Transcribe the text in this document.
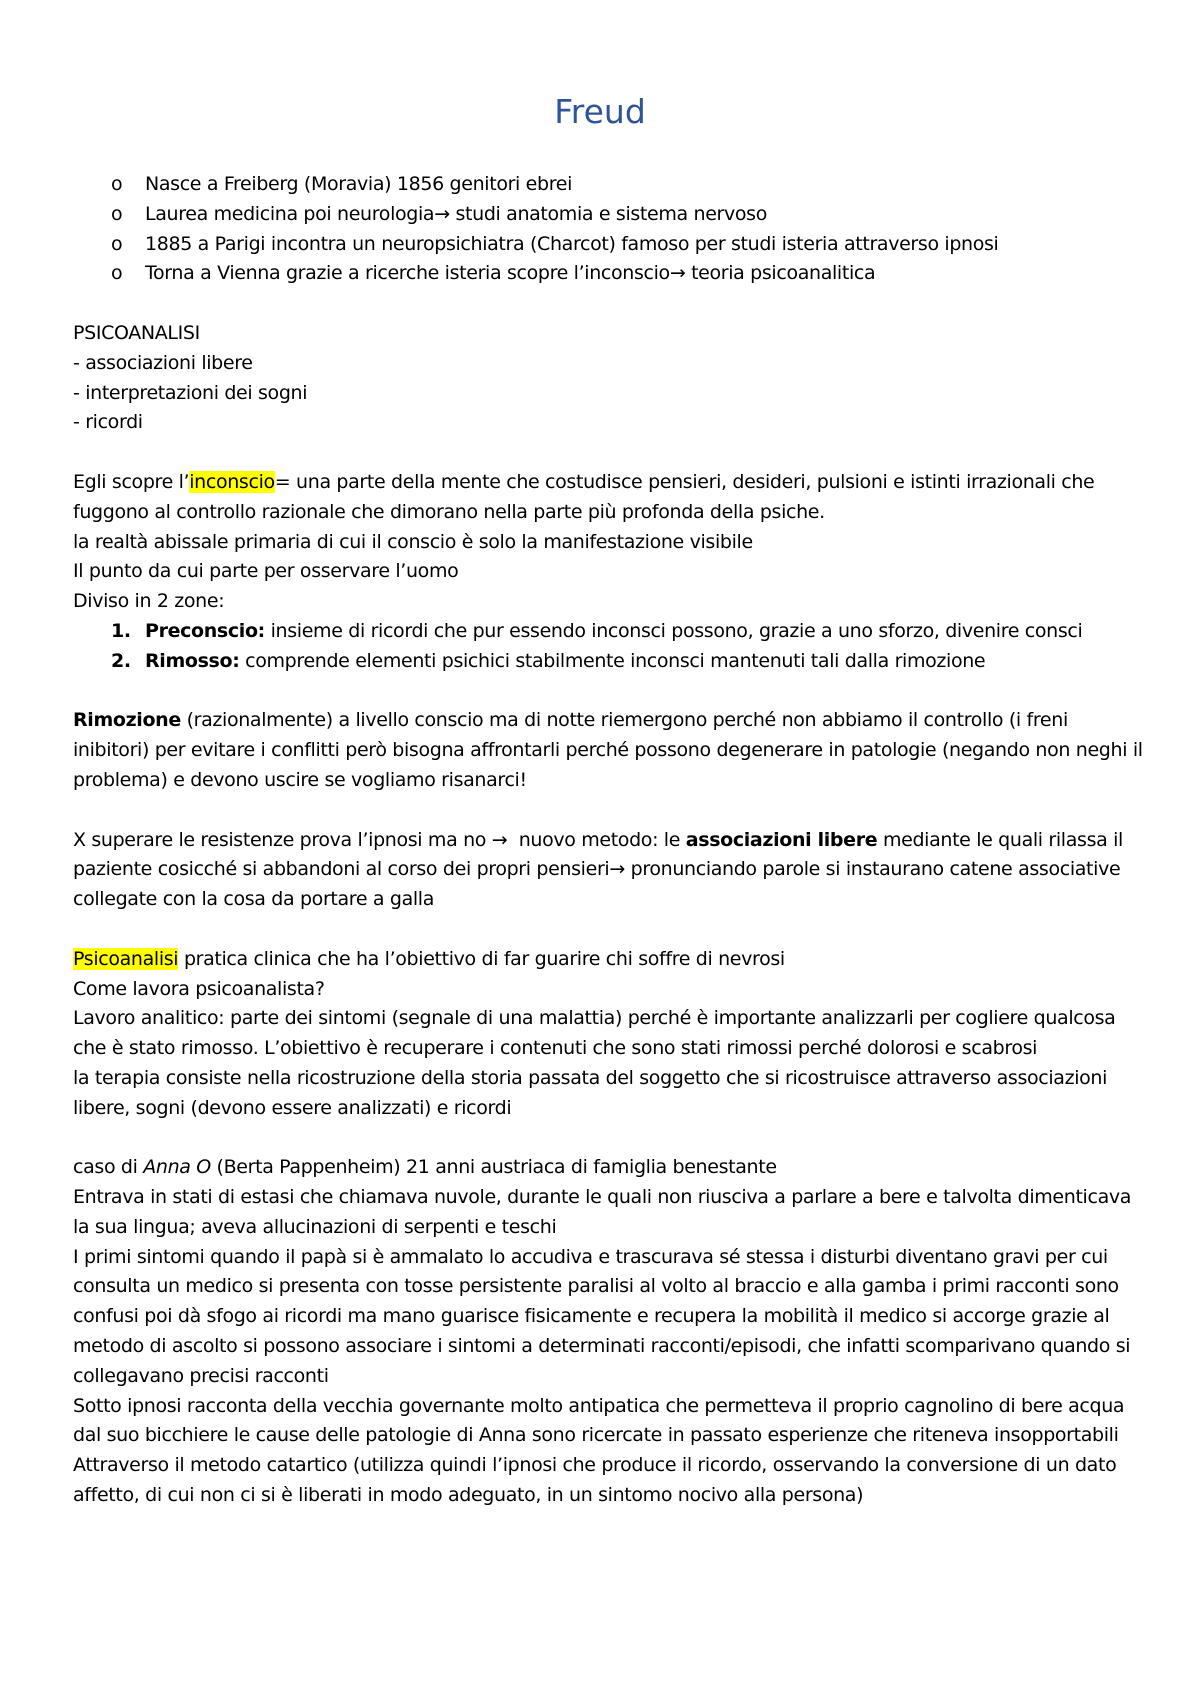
Freud
o Nasce a Freiberg (Moravia) 1856 genitori ebrei
o Laurea medicina poi neurologia→ studi anatomia e sistema nervoso
o 1885 a Parigi incontra un neuropsichiatra (Charcot) famoso per studi isteria attraverso ipnosi
o Torna a Vienna grazie a ricerche isteria scopre l’inconscio→ teoria psicoanalitica

PSICOANALISI

- associazioni libere

- interpretazioni dei sogni

- ricordi

Egli scopre l’inconscio= una parte della mente che costudisce pensieri, desideri, pulsioni e istinti irrazionali che fuggono al controllo razionale che dimorano nella parte più profonda della psiche.

la realtà abissale primaria di cui il conscio è solo la manifestazione visibile

Il punto da cui parte per osservare l’uomo

Diviso in 2 zone:

1. Preconscio: insieme di ricordi che pur essendo inconsci possono, grazie a uno sforzo, divenire consci
2. Rimosso: comprende elementi psichici stabilmente inconsci mantenuti tali dalla rimozione

Rimozione (razionalmente) a livello conscio ma di notte riemergono perché non abbiamo il controllo (i freni inibitori) per evitare i conflitti però bisogna affrontarli perché possono degenerare in patologie (negando non neghi il problema) e devono uscire se vogliamo risanarci!

X superare le resistenze prova l’ipnosi ma no →  nuovo metodo: le associazioni libere mediante le quali rilassa il paziente cosicché si abbandoni al corso dei propri pensieri→ pronunciando parole si instaurano catene associative collegate con la cosa da portare a galla

Psicoanalisi pratica clinica che ha l’obiettivo di far guarire chi soffre di nevrosi

Come lavora psicoanalista?

Lavoro analitico: parte dei sintomi (segnale di una malattia) perché è importante analizzarli per cogliere qualcosa che è stato rimosso. L’obiettivo è recuperare i contenuti che sono stati rimossi perché dolorosi e scabrosi

la terapia consiste nella ricostruzione della storia passata del soggetto che si ricostruisce attraverso associazioni libere, sogni (devono essere analizzati) e ricordi

caso di Anna O (Berta Pappenheim) 21 anni austriaca di famiglia benestante

Entrava in stati di estasi che chiamava nuvole, durante le quali non riusciva a parlare a bere e talvolta dimenticava la sua lingua; aveva allucinazioni di serpenti e teschi

I primi sintomi quando il papà si è ammalato lo accudiva e trascurava sé stessa i disturbi diventano gravi per cui consulta un medico si presenta con tosse persistente paralisi al volto al braccio e alla gamba i primi racconti sono confusi poi dà sfogo ai ricordi ma mano guarisce fisicamente e recupera la mobilità il medico si accorge grazie al metodo di ascolto si possono associare i sintomi a determinati racconti/episodi, che infatti scomparivano quando si collegavano precisi racconti

Sotto ipnosi racconta della vecchia governante molto antipatica che permetteva il proprio cagnolino di bere acqua dal suo bicchiere le cause delle patologie di Anna sono ricercate in passato esperienze che riteneva insopportabili

Attraverso il metodo catartico (utilizza quindi l’ipnosi che produce il ricordo, osservando la conversione di un dato affetto, di cui non ci si è liberati in modo adeguato, in un sintomo nocivo alla persona)
